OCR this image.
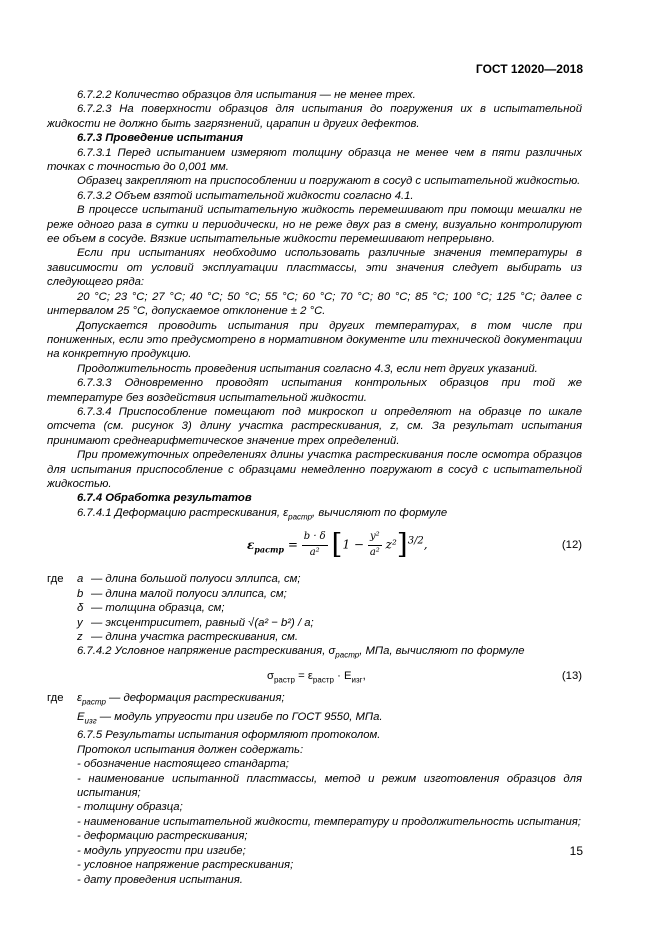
ГОСТ 12020—2018

6.7.2.2 Количество образцов для испытания — не менее трех.

6.7.2.3 На поверхности образцов для испытания до погружения их в испытательной жидкости не должно быть загрязнений, царапин и других дефектов.

6.7.3 Проведение испытания

6.7.3.1 Перед испытанием измеряют толщину образца не менее чем в пяти различных точках с точностью до 0,001 мм.

Образец закрепляют на приспособлении и погружают в сосуд с испытательной жидкостью.

6.7.3.2 Объем взятой испытательной жидкости согласно 4.1.

В процессе испытаний испытательную жидкость перемешивают при помощи мешалки не реже одного раза в сутки и периодически, но не реже двух раз в смену, визуально контролируют ее объем в сосуде. Вязкие испытательные жидкости перемешивают непрерывно.

Если при испытаниях необходимо использовать различные значения температуры в зависимости от условий эксплуатации пластмассы, эти значения следует выбирать из следующего ряда:

20 °C; 23 °C; 27 °C; 40 °C; 50 °C; 55 °C; 60 °C; 70 °C; 80 °C; 85 °C; 100 °C; 125 °C; далее с интервалом 25 °C, допускаемое отклонение ± 2 °C.

Допускается проводить испытания при других температурах, в том числе при пониженных, если это предусмотрено в нормативном документе или технической документации на конкретную продукцию.

Продолжительность проведения испытания согласно 4.3, если нет других указаний.

6.7.3.3 Одновременно проводят испытания контрольных образцов при той же температуре без воздействия испытательной жидкости.

6.7.3.4 Приспособление помещают под микроскоп и определяют на образце по шкале отсчета (см. рисунок 3) длину участка растрескивания, z, см. За результат испытания принимают среднеарифметическое значение трех определений.

При промежуточных определениях длины участка растрескивания после осмотра образцов для испытания приспособление с образцами немедленно погружают в сосуд с испытательной жидкостью.

6.7.4 Обработка результатов

6.7.4.1 Деформацию растрескивания, $\varepsilon_{растр}$, вычисляют по формуле

$\varepsilon_{растр} = \frac{b \cdot \delta}{\text{a²}} [1 - \frac{\text{y²}}{\text{a²}} z^2]^{3/2}$,	(12)
где	a — длина большой полуоси эллипса, см;
b — длина малой полуоси эллипса, см;
δ — толщина образца, см;
y — эксцентриситет, равный √(a² − b²) / a;
z — длина участка растрескивания, см.

6.7.4.2 Условное напряжение растрескивания, $\sigma_{растр}$, МПа, вычисляют по формуле

$\sigma_{растр} = \varepsilon_{растр} \cdot E_{изг}$,	(13)
где	$\varepsilon_{растр}$ — деформация растрескивания;
$E_{изг}$ — модуль упругости при изгибе по ГОСТ 9550, МПа.

6.7.5 Результаты испытания оформляют протоколом.

Протокол испытания должен содержать:

- обозначение настоящего стандарта;

- наименование испытанной пластмассы, метод и режим изготовления образцов для испытания;

- толщину образца;

- наименование испытательной жидкости, температуру и продолжительность испытания;

- деформацию растрескивания;

- модуль упругости при изгибе;

- условное напряжение растрескивания;

- дату проведения испытания.

15
